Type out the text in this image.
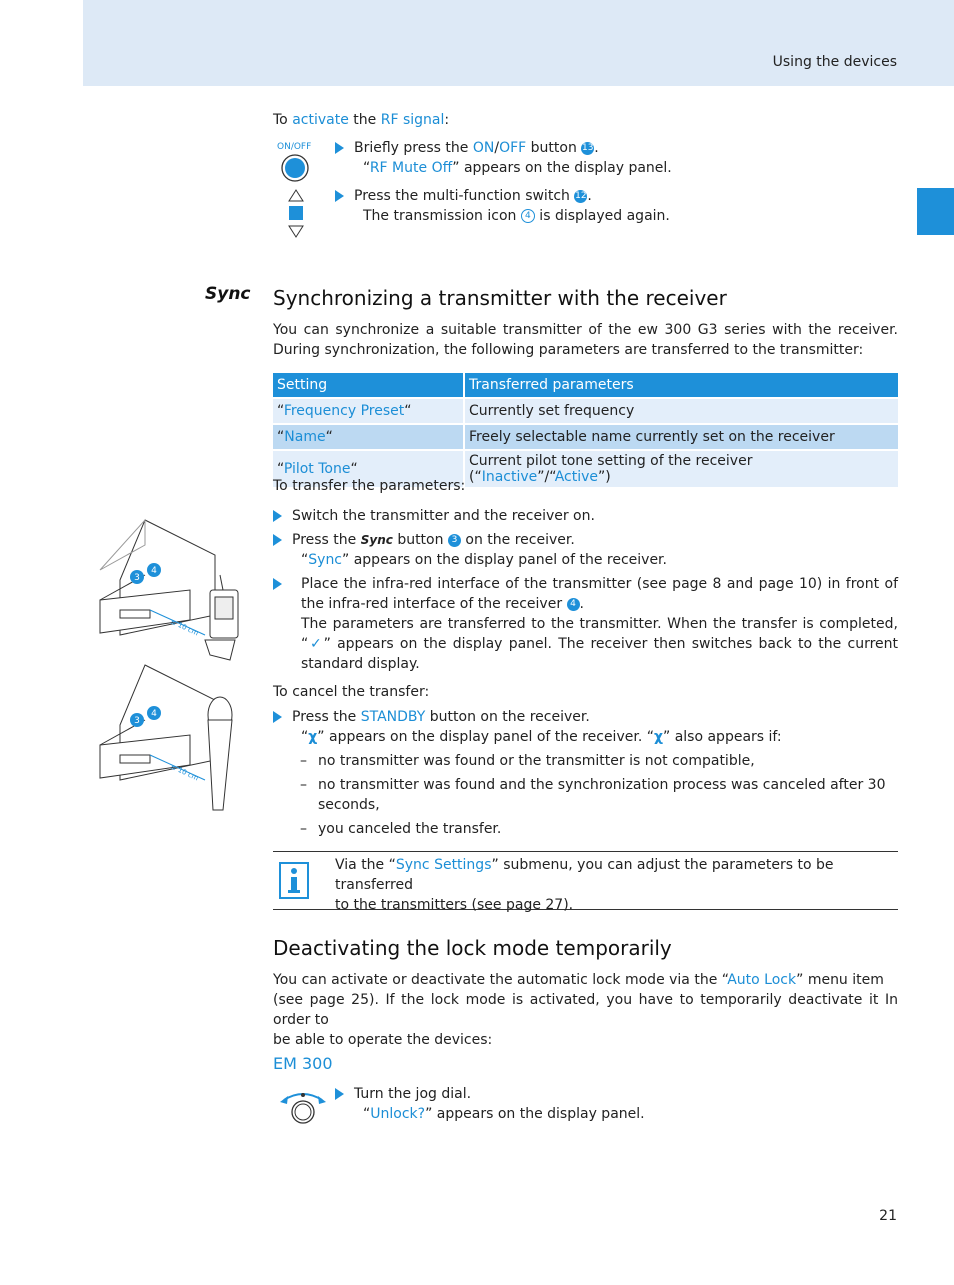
Using the devices
To activate the RF signal:
ON/OFF	Briefly press the ON/OFF button 13.
“RF Mute Off” appears on the display panel.
Press the multi-function switch 12.
The transmission icon 4 is displayed again.
Sync	Synchronizing a transmitter with the receiver
You can synchronize a suitable transmitter of the ew 300 G3 series with the receiver. During synchronization, the following parameters are transferred to the transmitter:
Setting	Transferred parameters
“Frequency Preset“	Currently set frequency
“Name“	Freely selectable name currently set on the receiver
“Pilot Tone“	Current pilot tone setting of the receiver (“Inactive”/“Active”)
To transfer the parameters:
3
4
≤ 10 cm
3
4
≤ 10 cm
Switch the transmitter and the receiver on.
Press the Sync button 3 on the receiver.
“Sync” appears on the display panel of the receiver.
Place the infra-red interface of the transmitter (see page 8 and page 10) in front of the infra-red interface of the receiver 4 .
The parameters are transferred to the transmitter. When the transfer is completed, “✓” appears on the display panel. The receiver then switches back to the current standard display.
To cancel the transfer:
Press the STANDBY button on the receiver.
“χ” appears on the display panel of the receiver. “χ” also appears if:
– no transmitter was found or the transmitter is not compatible,
– no transmitter was found and the synchronization process was canceled after 30
seconds,
– you canceled the transfer.
Via the “Sync Settings” submenu, you can adjust the parameters to be transferred
to the transmitters (see page 27).
Deactivating the lock mode temporarily
You can activate or deactivate the automatic lock mode via the “Auto Lock” menu item
(see page 25). If the lock mode is activated, you have to temporarily deactivate it In order to
be able to operate the devices:
EM 300
Turn the jog dial.
“Unlock?” appears on the display panel.
21
